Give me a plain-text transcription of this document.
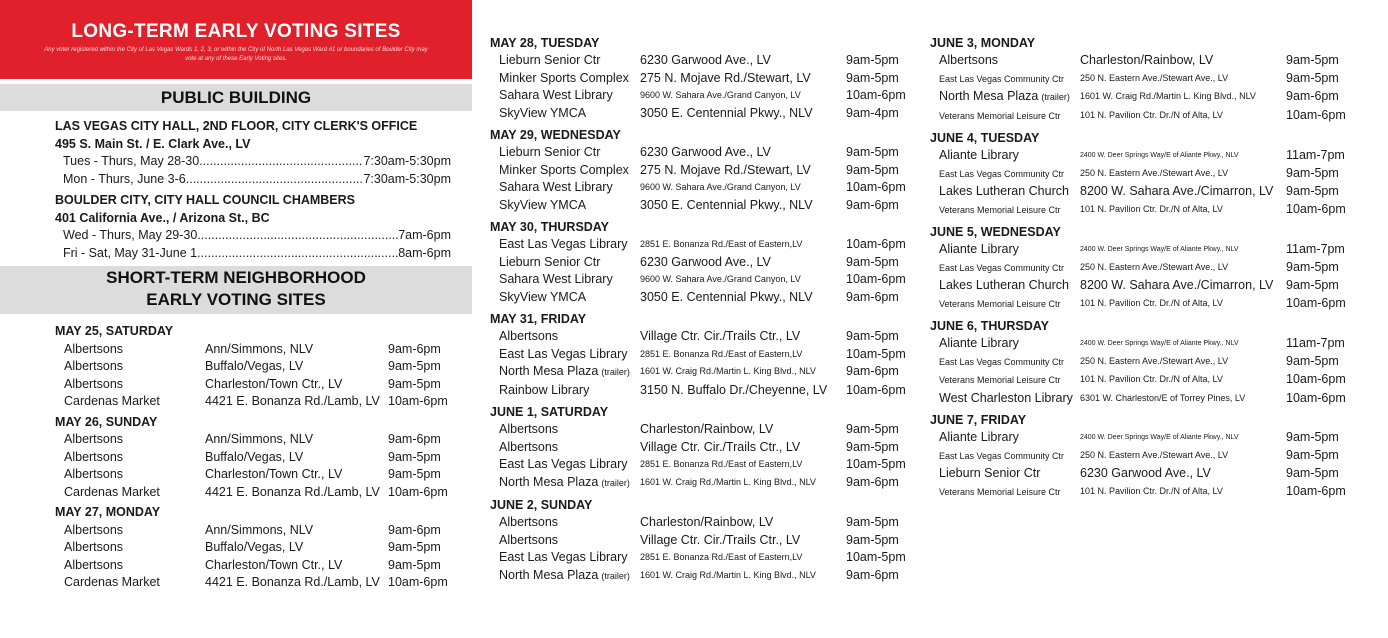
LONG-TERM EARLY VOTING SITES
Any voter registered within the City of Las Vegas Wards 1, 2, 3, or within the City of North Las Vegas Ward #1 or boundaries of Boulder City may vote at any of these Early Voting sites.
PUBLIC BUILDING
LAS VEGAS CITY HALL, 2ND FLOOR, CITY CLERK'S OFFICE
495 S. Main St. / E. Clark Ave., LV
Tues - Thurs, May 28-30 .....	7:30am-5:30pm
Mon - Thurs, June 3-6 .....	7:30am-5:30pm
BOULDER CITY, CITY HALL COUNCIL CHAMBERS
401 California Ave., / Arizona St., BC
Wed - Thurs, May 29-30 .....	7am-6pm
Fri - Sat, May 31-June 1 .....	8am-6pm
SHORT-TERM NEIGHBORHOOD
EARLY VOTING SITES
MAY 25, SATURDAY
Albertsons	Ann/Simmons, NLV	9am-6pm
Albertsons	Buffalo/Vegas, LV	9am-5pm
Albertsons	Charleston/Town Ctr., LV	9am-5pm
Cardenas Market	4421 E. Bonanza Rd./Lamb, LV 10am-6pm
MAY 26, SUNDAY
Albertsons	Ann/Simmons, NLV	9am-6pm
Albertsons	Buffalo/Vegas, LV	9am-5pm
Albertsons	Charleston/Town Ctr., LV	9am-5pm
Cardenas Market	4421 E. Bonanza Rd./Lamb, LV 10am-6pm
MAY 27, MONDAY
Albertsons	Ann/Simmons, NLV	9am-6pm
Albertsons	Buffalo/Vegas, LV	9am-5pm
Albertsons	Charleston/Town Ctr., LV	9am-5pm
Cardenas Market	4421 E. Bonanza Rd./Lamb, LV 10am-6pm
MAY 28, TUESDAY
Lieburn Senior Ctr	6230 Garwood Ave., LV	9am-5pm
Minker Sports Complex 275 N. Mojave Rd./Stewart, LV	9am-5pm
Sahara West Library	9600 W. Sahara Ave./Grand Canyon, LV	10am-6pm
SkyView YMCA	3050 E. Centennial Pkwy., NLV	9am-4pm
MAY 29, WEDNESDAY
Lieburn Senior Ctr	6230 Garwood Ave., LV	9am-5pm
Minker Sports Complex 275 N. Mojave Rd./Stewart, LV	9am-5pm
Sahara West Library	9600 W. Sahara Ave./Grand Canyon, LV	10am-6pm
SkyView YMCA	3050 E. Centennial Pkwy., NLV	9am-6pm
MAY 30, THURSDAY
East Las Vegas Library	2851 E. Bonanza Rd./East of Eastern,LV	10am-6pm
Lieburn Senior Ctr	6230 Garwood Ave., LV	9am-5pm
Sahara West Library	9600 W. Sahara Ave./Grand Canyon, LV	10am-6pm
SkyView YMCA	3050 E. Centennial Pkwy., NLV	9am-6pm
MAY 31, FRIDAY
Albertsons	Village Ctr. Cir./Trails Ctr., LV	9am-5pm
East Las Vegas Library	2851 E. Bonanza Rd./East of Eastern,LV	10am-5pm
North Mesa Plaza (trailer)	1601 W. Craig Rd./Martin L. King Blvd., NLV	9am-6pm
Rainbow Library	3150 N. Buffalo Dr./Cheyenne, LV	10am-6pm
JUNE 1, SATURDAY
Albertsons	Charleston/Rainbow, LV	9am-5pm
Albertsons	Village Ctr. Cir./Trails Ctr., LV	9am-5pm
East Las Vegas Library	2851 E. Bonanza Rd./East of Eastern,LV	10am-5pm
North Mesa Plaza (trailer)	1601 W. Craig Rd./Martin L. King Blvd., NLV	9am-6pm
JUNE 2, SUNDAY
Albertsons	Charleston/Rainbow, LV	9am-5pm
Albertsons	Village Ctr. Cir./Trails Ctr., LV	9am-5pm
East Las Vegas Library	2851 E. Bonanza Rd./East of Eastern,LV	10am-5pm
North Mesa Plaza (trailer)	1601 W. Craig Rd./Martin L. King Blvd., NLV	9am-6pm
JUNE 3, MONDAY
Albertsons	Charleston/Rainbow, LV	9am-5pm
East Las Vegas Community Ctr	250 N. Eastern Ave./Stewart Ave., LV	9am-5pm
North Mesa Plaza (trailer)	1601 W. Craig Rd./Martin L. King Blvd., NLV	9am-6pm
Veterans Memorial Leisure Ctr	101 N. Pavilion Ctr. Dr./N of Alta, LV	10am-6pm
JUNE 4, TUESDAY
Aliante Library	2400 W. Deer Springs Way/E of Aliante Pkwy., NLV	11am-7pm
East Las Vegas Community Ctr	250 N. Eastern Ave./Stewart Ave., LV	9am-5pm
Lakes Lutheran Church 8200 W. Sahara Ave./Cimarron, LV	9am-5pm
Veterans Memorial Leisure Ctr	101 N. Pavilion Ctr. Dr./N of Alta, LV	10am-6pm
JUNE 5, WEDNESDAY
Aliante Library	2400 W. Deer Springs Way/E of Aliante Pkwy., NLV	11am-7pm
East Las Vegas Community Ctr	250 N. Eastern Ave./Stewart Ave., LV	9am-5pm
Lakes Lutheran Church 8200 W. Sahara Ave./Cimarron, LV	9am-5pm
Veterans Memorial Leisure Ctr	101 N. Pavilion Ctr. Dr./N of Alta, LV	10am-6pm
JUNE 6, THURSDAY
Aliante Library	2400 W. Deer Springs Way/E of Aliante Pkwy., NLV	11am-7pm
East Las Vegas Community Ctr	250 N. Eastern Ave./Stewart Ave., LV	9am-5pm
Veterans Memorial Leisure Ctr	101 N. Pavilion Ctr. Dr./N of Alta, LV	10am-6pm
West Charleston Library 6301 W. Charleston/E of Torrey Pines, LV	10am-6pm
JUNE 7, FRIDAY
Aliante Library	2400 W. Deer Springs Way/E of Aliante Pkwy., NLV	9am-5pm
East Las Vegas Community Ctr	250 N. Eastern Ave./Stewart Ave., LV	9am-5pm
Lieburn Senior Ctr	6230 Garwood Ave., LV	9am-5pm
Veterans Memorial Leisure Ctr	101 N. Pavilion Ctr. Dr./N of Alta, LV	10am-6pm
